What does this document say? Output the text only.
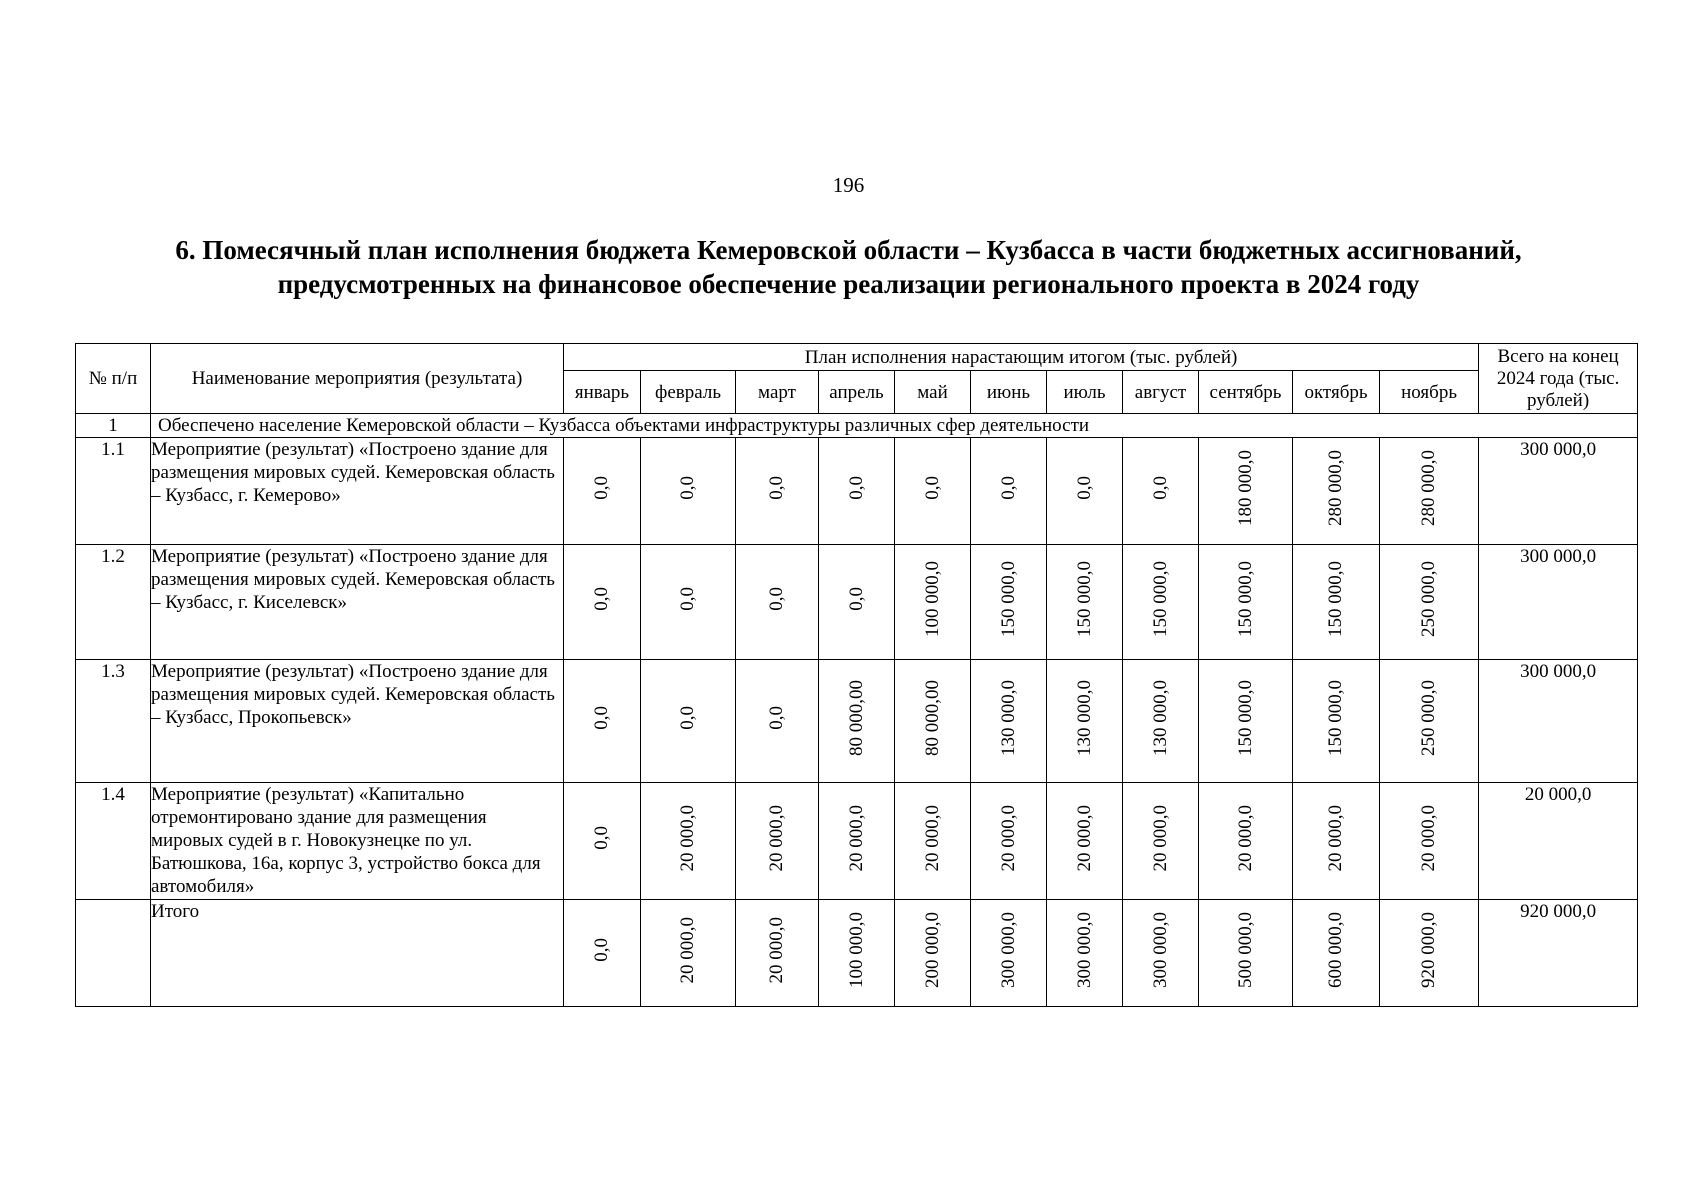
196
6. Помесячный план исполнения бюджета Кемеровской области – Кузбасса в части бюджетных ассигнований,
предусмотренных на финансовое обеспечение реализации регионального проекта в 2024 году
№ п/п	Наименование мероприятия (результата)	План исполнения нарастающим итогом (тыс. рублей)											Всего на конец 2024 года (тыс. рублей)
		январь	февраль	март	апрель	май	июнь	июль	август	сентябрь	октябрь	ноябрь	
1	Обеспечено население Кемеровской области – Кузбасса объектами инфраструктуры различных сфер деятельности												
1.1	Мероприятие (результат) «Построено здание для размещения мировых судей. Кемеровская область – Кузбасс, г. Кемерово»	0,0	0,0	0,0	0,0	0,0	0,0	0,0	0,0	180 000,0	280 000,0	280 000,0	300 000,0
1.2	Мероприятие (результат) «Построено здание для размещения мировых судей. Кемеровская область – Кузбасс, г. Киселевск»	0,0	0,0	0,0	0,0	100 000,0	150 000,0	150 000,0	150 000,0	150 000,0	150 000,0	250 000,0	300 000,0
1.3	Мероприятие (результат) «Построено здание для размещения мировых судей. Кемеровская область – Кузбасс, Прокопьевск»	0,0	0,0	0,0	80 000,00	80 000,00	130 000,0	130 000,0	130 000,0	150 000,0	150 000,0	250 000,0	300 000,0
1.4	Мероприятие (результат) «Капитально отремонтировано здание для размещения мировых судей в г. Новокузнецке по ул. Батюшкова, 16а, корпус 3, устройство бокса для автомобиля»	0,0	20 000,0	20 000,0	20 000,0	20 000,0	20 000,0	20 000,0	20 000,0	20 000,0	20 000,0	20 000,0	20 000,0
	Итого	0,0	20 000,0	20 000,0	100 000,0	200 000,0	300 000,0	300 000,0	300 000,0	500 000,0	600 000,0	920 000,0	920 000,0
